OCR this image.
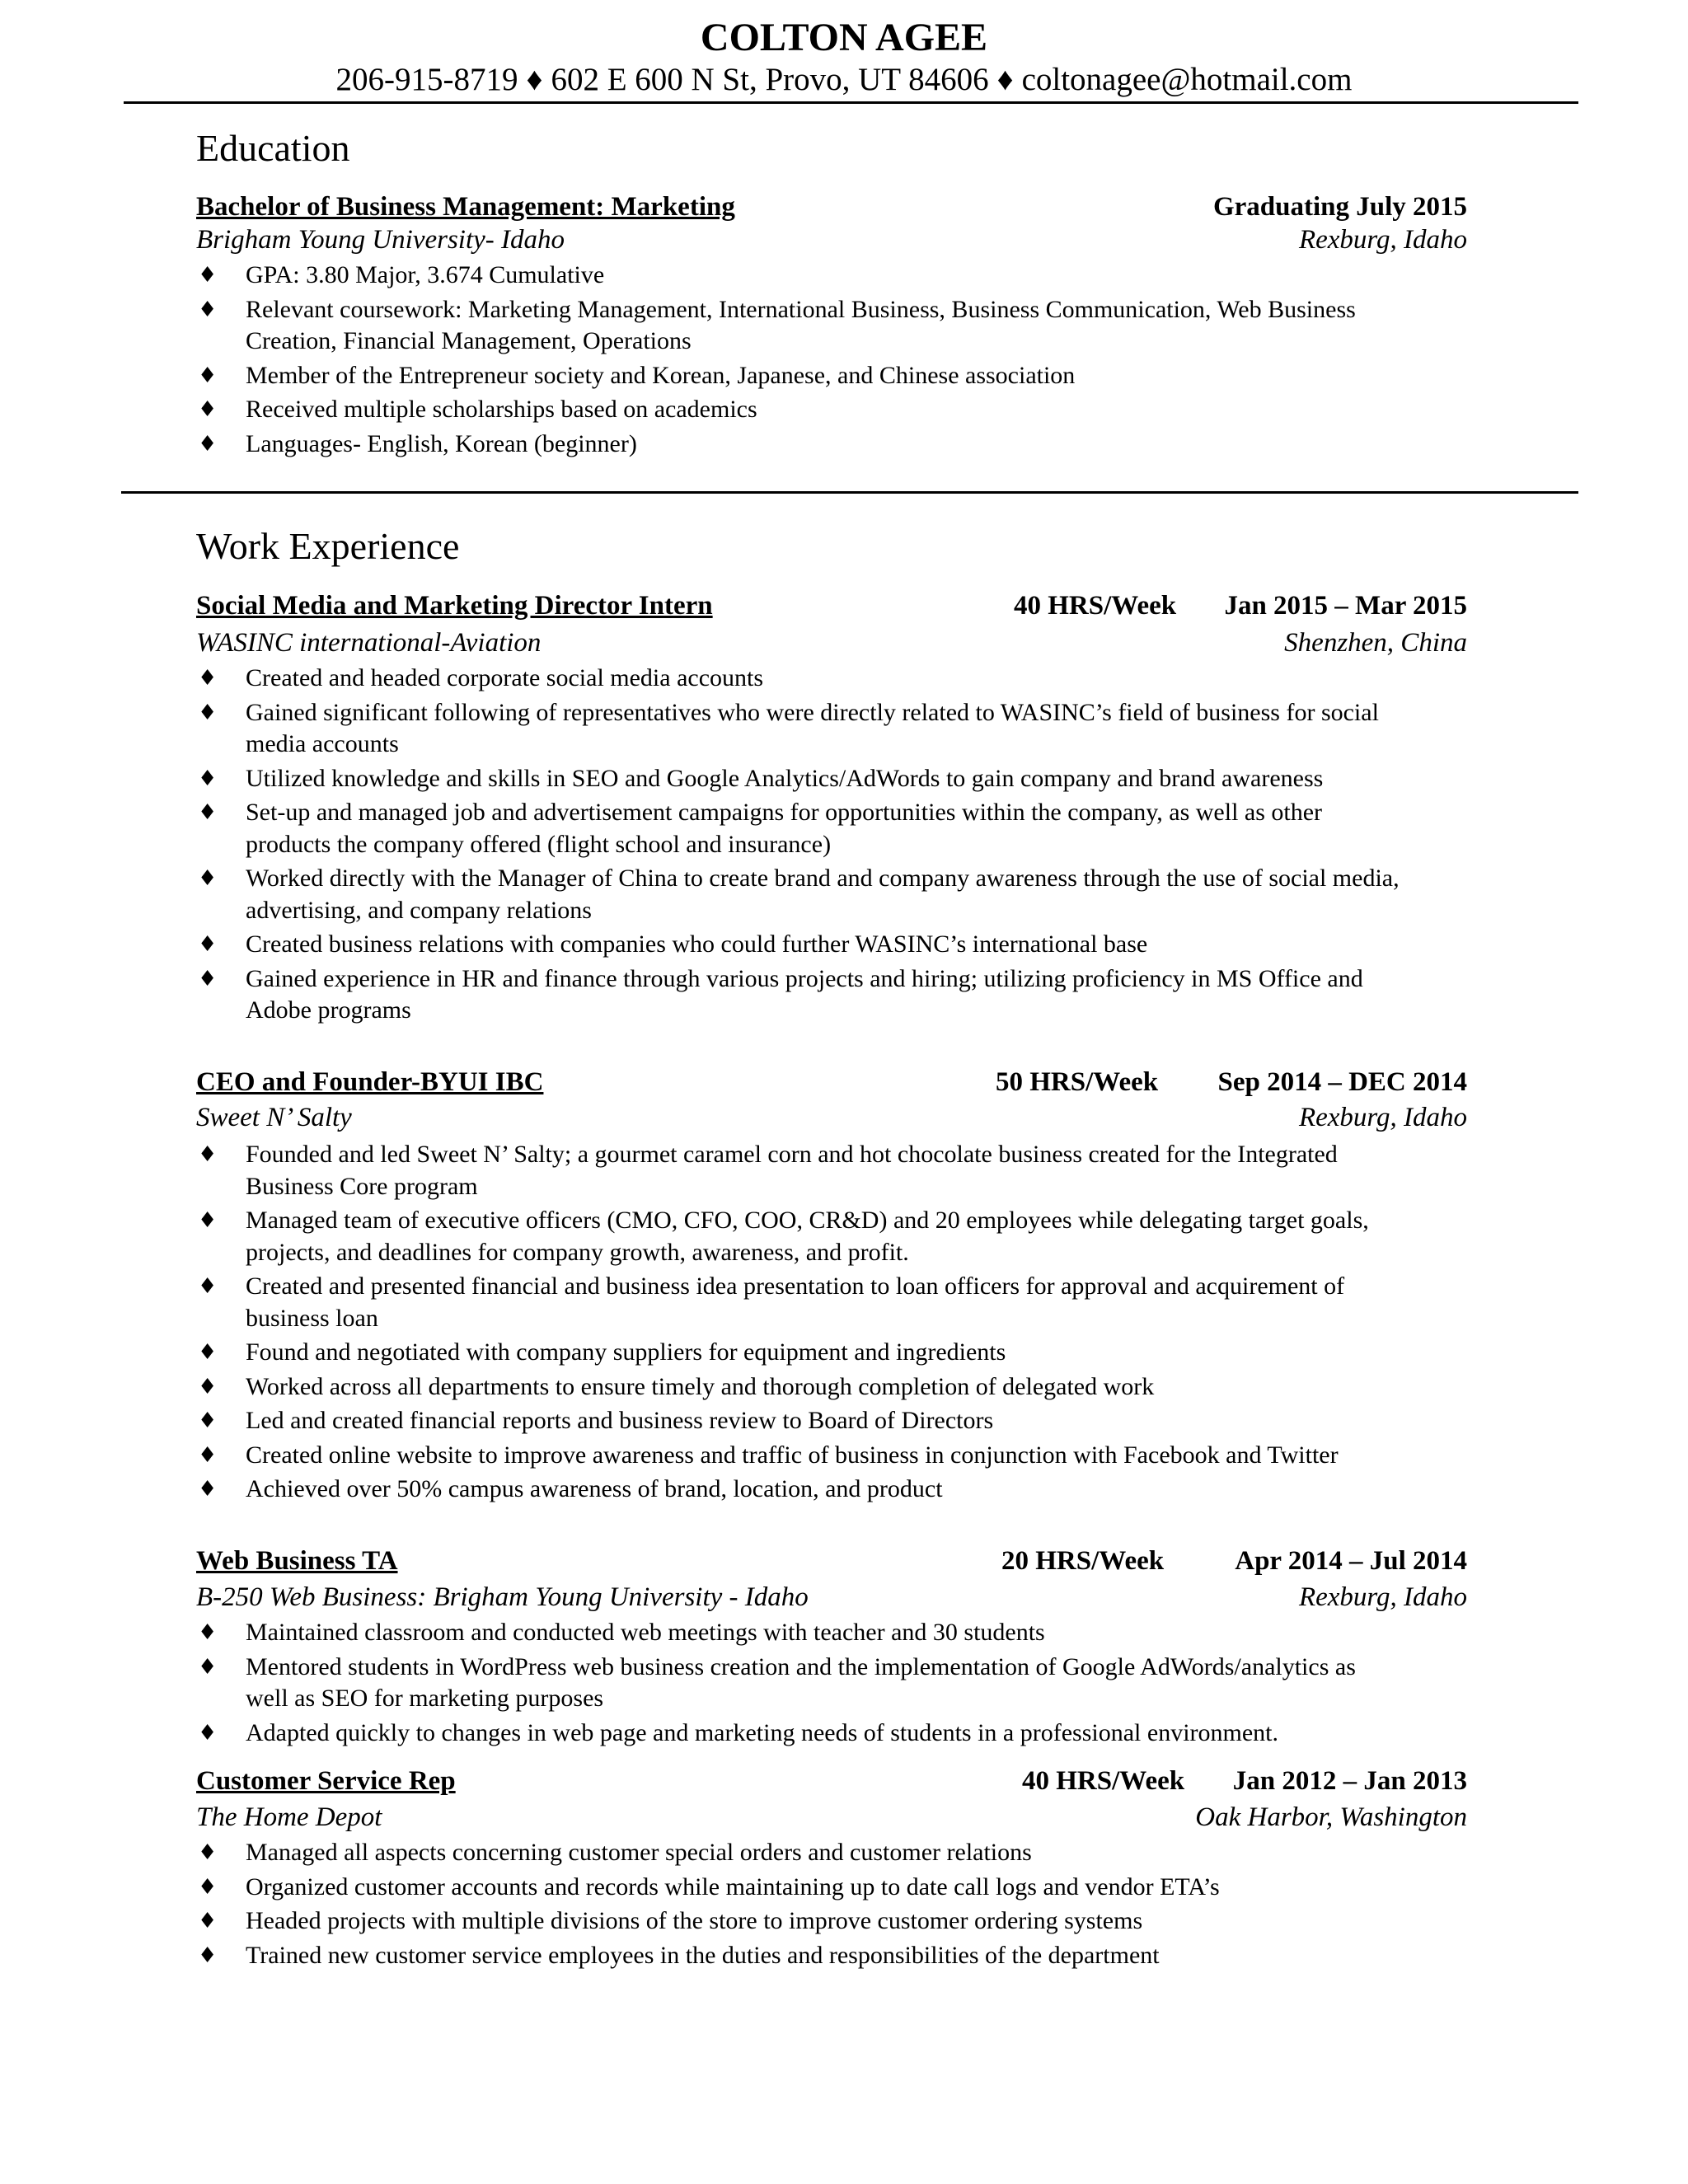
COLTON AGEE
206-915-8719 ♦ 602 E 600 N St, Provo, UT 84606 ♦ coltonagee@hotmail.com
Education
Bachelor of Business Management: Marketing	Graduating July 2015
Brigham Young University- Idaho	Rexburg, Idaho
♦ GPA: 3.80 Major, 3.674 Cumulative
♦ Relevant coursework: Marketing Management, International Business, Business Communication, Web Business Creation, Financial Management, Operations
♦ Member of the Entrepreneur society and Korean, Japanese, and Chinese association
♦ Received multiple scholarships based on academics
♦ Languages- English, Korean (beginner)
Work Experience
Social Media and Marketing Director Intern	40 HRS/Week Jan 2015 – Mar 2015
WASINC international-Aviation	Shenzhen, China
♦ Created and headed corporate social media accounts
♦ Gained significant following of representatives who were directly related to WASINC’s field of business for social media accounts
♦ Utilized knowledge and skills in SEO and Google Analytics/AdWords to gain company and brand awareness
♦ Set-up and managed job and advertisement campaigns for opportunities within the company, as well as other products the company offered (flight school and insurance)
♦ Worked directly with the Manager of China to create brand and company awareness through the use of social media, advertising, and company relations
♦ Created business relations with companies who could further WASINC’s international base
♦ Gained experience in HR and finance through various projects and hiring; utilizing proficiency in MS Office and Adobe programs
CEO and Founder-BYUI IBC	50 HRS/Week Sep 2014 – DEC 2014
Sweet N’ Salty	Rexburg, Idaho
♦ Founded and led Sweet N’ Salty; a gourmet caramel corn and hot chocolate business created for the Integrated Business Core program
♦ Managed team of executive officers (CMO, CFO, COO, CR&D) and 20 employees while delegating target goals, projects, and deadlines for company growth, awareness, and profit.
♦ Created and presented financial and business idea presentation to loan officers for approval and acquirement of business loan
♦ Found and negotiated with company suppliers for equipment and ingredients
♦ Worked across all departments to ensure timely and thorough completion of delegated work
♦ Led and created financial reports and business review to Board of Directors
♦ Created online website to improve awareness and traffic of business in conjunction with Facebook and Twitter
♦ Achieved over 50% campus awareness of brand, location, and product
Web Business TA	20 HRS/Week	Apr 2014 – Jul 2014
B-250 Web Business: Brigham Young University - Idaho	Rexburg, Idaho
♦ Maintained classroom and conducted web meetings with teacher and 30 students
♦ Mentored students in WordPress web business creation and the implementation of Google AdWords/analytics as well as SEO for marketing purposes
♦ Adapted quickly to changes in web page and marketing needs of students in a professional environment.
Customer Service Rep	40 HRS/Week Jan 2012 – Jan 2013
The Home Depot	Oak Harbor, Washington
♦ Managed all aspects concerning customer special orders and customer relations
♦ Organized customer accounts and records while maintaining up to date call logs and vendor ETA’s
♦ Headed projects with multiple divisions of the store to improve customer ordering systems
♦ Trained new customer service employees in the duties and responsibilities of the department
